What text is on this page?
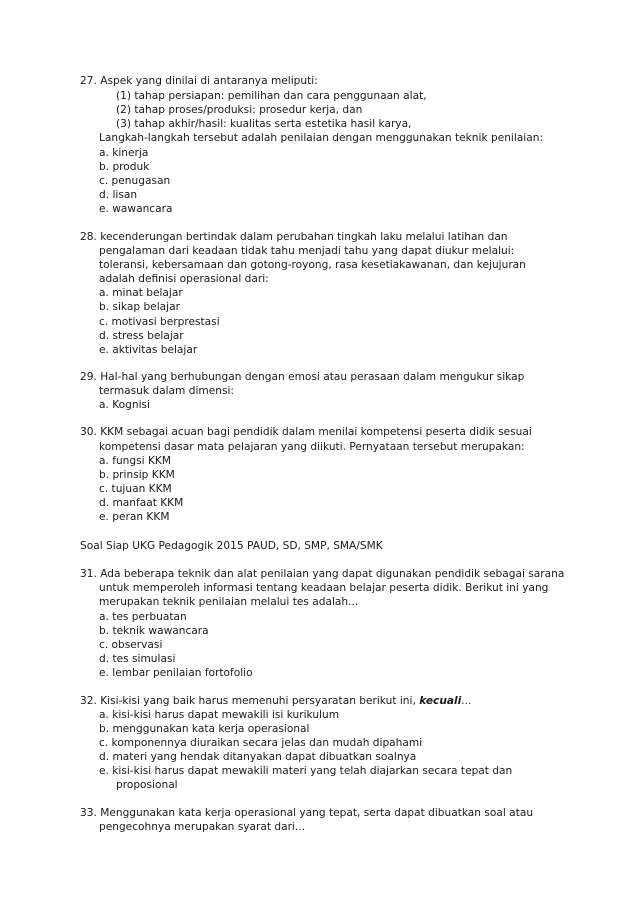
27. Aspek yang dinilai di antaranya meliputi:
(1) tahap persiapan: pemilihan dan cara penggunaan alat,
(2) tahap proses/produksi: prosedur kerja, dan
(3) tahap akhir/hasil: kualitas serta estetika hasil karya,
Langkah-langkah tersebut adalah penilaian dengan menggunakan teknik penilaian:
a. kinerja
b. produk
c. penugasan
d. lisan
e. wawancara
28. kecenderungan bertindak dalam perubahan tingkah laku melalui latihan dan
pengalaman dari keadaan tidak tahu menjadi tahu yang dapat diukur melalui:
toleransi, kebersamaan dan gotong-royong, rasa kesetiakawanan, dan kejujuran
adalah definisi operasional dari:
a. minat belajar
b. sikap belajar
c. motivasi berprestasi
d. stress belajar
e. aktivitas belajar
29. Hal-hal yang berhubungan dengan emosi atau perasaan dalam mengukur sikap
termasuk dalam dimensi:
a. Kognisi
30. KKM sebagai acuan bagi pendidik dalam menilai kompetensi peserta didik sesuai
kompetensi dasar mata pelajaran yang diikuti. Pernyataan tersebut merupakan:
a. fungsi KKM
b. prinsip KKM
c. tujuan KKM
d. manfaat KKM
e. peran KKM
Soal Siap UKG Pedagogik 2015 PAUD, SD, SMP, SMA/SMK
31. Ada beberapa teknik dan alat penilaian yang dapat digunakan pendidik sebagai sarana
untuk memperoleh informasi tentang keadaan belajar peserta didik. Berikut ini yang
merupakan teknik penilaian melalui tes adalah...
a. tes perbuatan
b. teknik wawancara
c. observasi
d. tes simulasi
e. lembar penilaian fortofolio
32. Kisi-kisi yang baik harus memenuhi persyaratan berikut ini, kecuali...
a. kisi-kisi harus dapat mewakili isi kurikulum
b. menggunakan kata kerja operasional
c. komponennya diuraikan secara jelas dan mudah dipahami
d. materi yang hendak ditanyakan dapat dibuatkan soalnya
e. kisi-kisi harus dapat mewakili materi yang telah diajarkan secara tepat dan
proposional
33. Menggunakan kata kerja operasional yang tepat, serta dapat dibuatkan soal atau
pengecohnya merupakan syarat dari...
